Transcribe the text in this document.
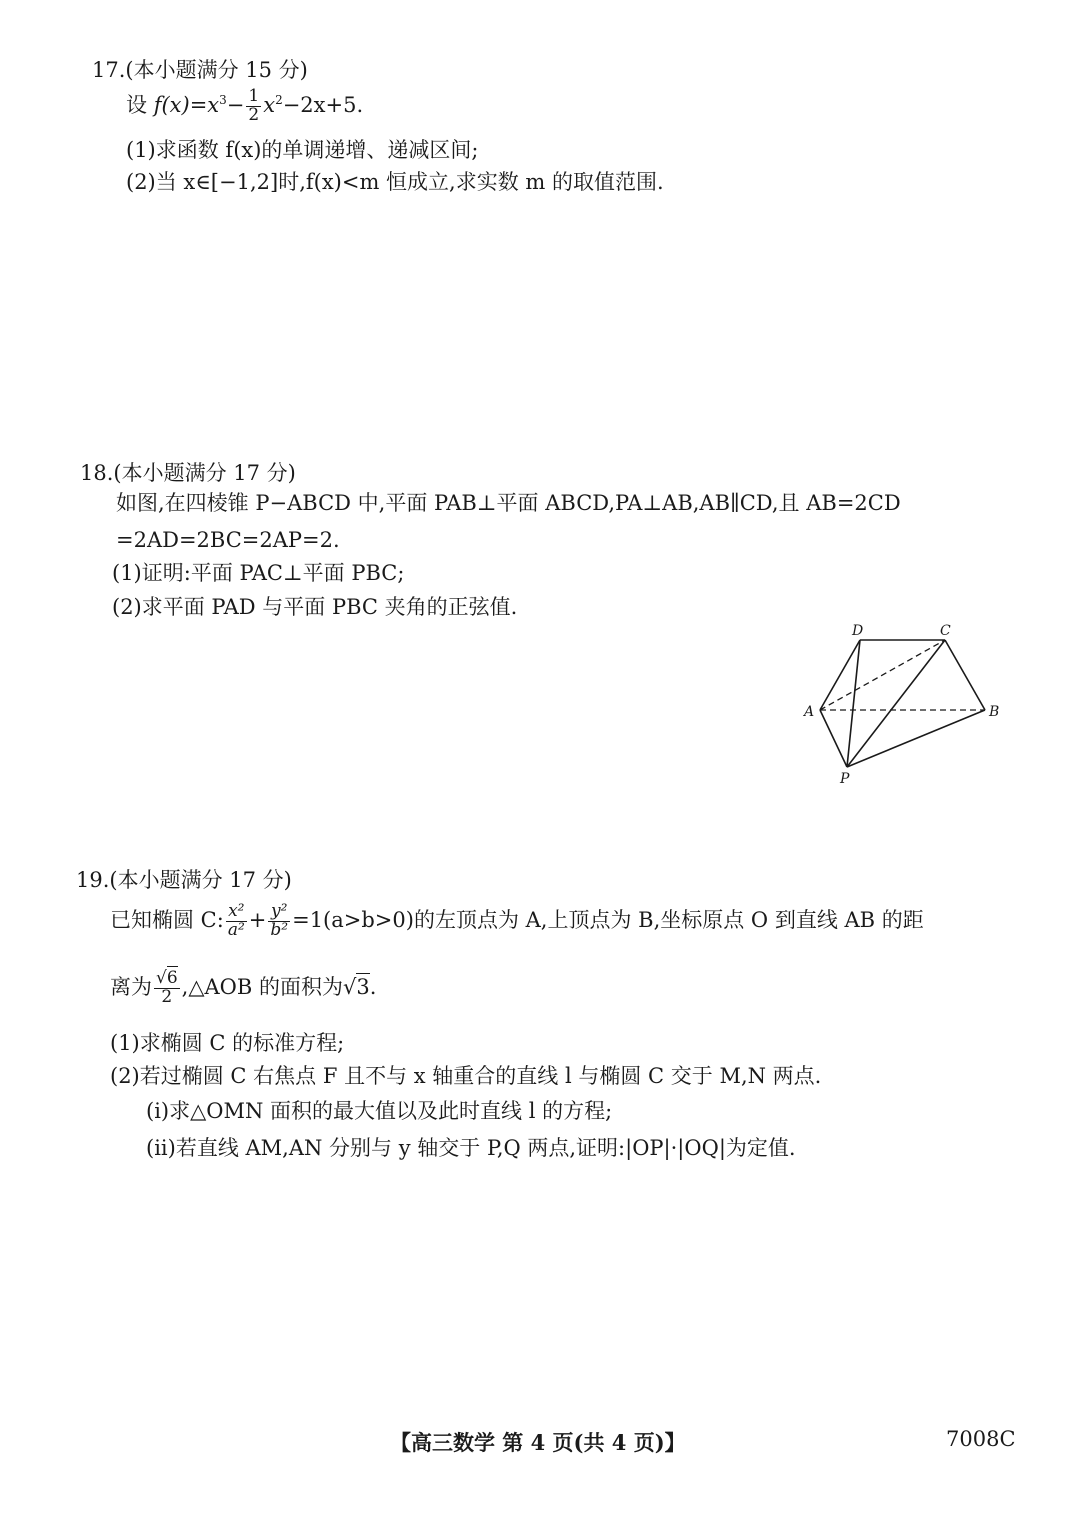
17.(本小题满分 15 分)
设 $f(x)=x^3- \frac{1}{2} x^2-2x+5$.
(1)求函数 f(x)的单调递增、递减区间;
(2)当 x∈[−1,2]时,f(x)<m 恒成立,求实数 m 的取值范围.
18.(本小题满分 17 分)
如图,在四棱锥 P−ABCD 中,平面 PAB⊥平面 ABCD,PA⊥AB,AB∥CD,且 AB=2CD
=2AD=2BC=2AP=2.
(1)证明:平面 PAC⊥平面 PBC;
(2)求平面 PAD 与平面 PBC 夹角的正弦值.
D	C
A	B
P
19.(本小题满分 17 分)
已知椭圆 C: $\frac{\text{x²}}{\text{a²}} + \frac{\text{y²}}{\text{b²}} =1(a>b>0)$的左顶点为 A,上顶点为 B,坐标原点 O 到直线 AB 的距
离为 $\frac{√6}{2}$ ,△AOB 的面积为√3.
(1)求椭圆 C 的标准方程;
(2)若过椭圆 C 右焦点 F 且不与 x 轴重合的直线 l 与椭圆 C 交于 M,N 两点.
(i)求△OMN 面积的最大值以及此时直线 l 的方程;
(ii)若直线 AM,AN 分别与 y 轴交于 P,Q 两点,证明:|OP|·|OQ|为定值.
【高三数学 第 4 页(共 4 页)】	7008C
